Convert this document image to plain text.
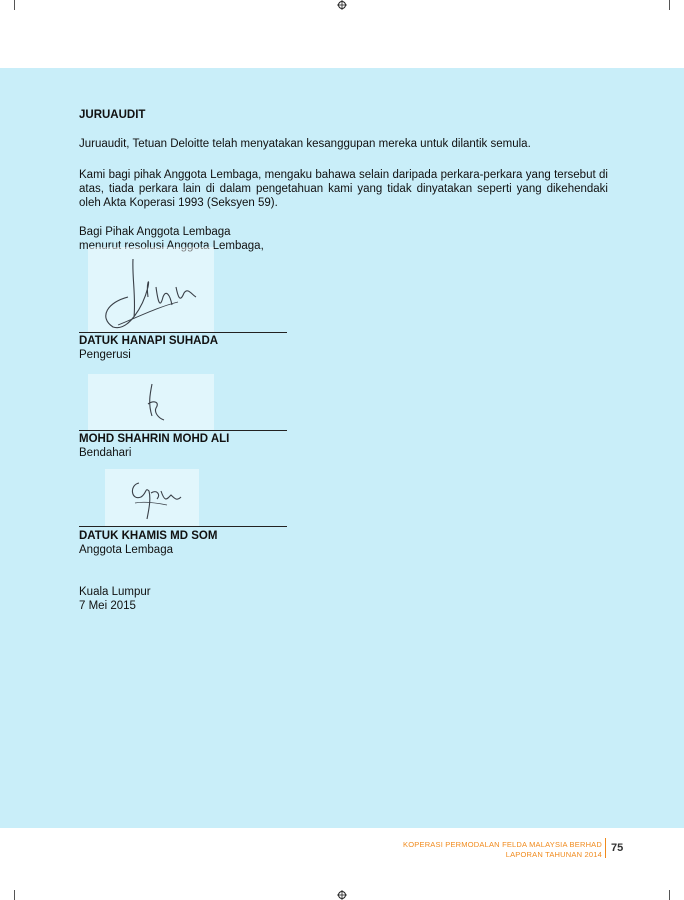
JURUAUDIT

Juruaudit, Tetuan Deloitte telah menyatakan kesanggupan mereka untuk dilantik semula.

Kami bagi pihak Anggota Lembaga, mengaku bahawa selain daripada perkara-perkara yang tersebut di atas, tiada perkara lain di dalam pengetahuan kami yang tidak dinyatakan seperti yang dikehendaki oleh Akta Koperasi 1993 (Seksyen 59).

Bagi Pihak Anggota Lembaga

menurut resolusi Anggota Lembaga,

DATUK HANAPI SUHADA

Pengerusi

MOHD SHAHRIN MOHD ALI

Bendahari

DATUK KHAMIS MD SOM

Anggota Lembaga

Kuala Lumpur

7 Mei 2015

KOPERASI PERMODALAN FELDA MALAYSIA BERHAD
LAPORAN TAHUNAN 2014
75
